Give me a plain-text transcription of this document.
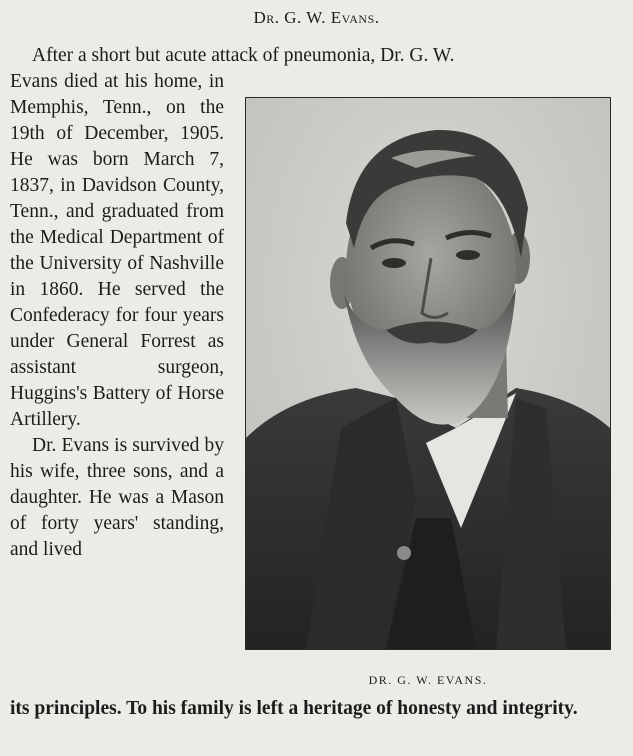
Dr. G. W. Evans.
After a short but acute attack of pneumonia, Dr. G. W.

Evans died at his home, in Memphis, Tenn., on the 19th of December, 1905. He was born March 7, 1837, in Davidson County, Tenn., and graduated from the Medical Department of the University of Nashville in 1860. He served the Confederacy for four years under General Forrest as assistant surgeon, Huggins's Battery of Horse Artillery.

Dr. Evans is survived by his wife, three sons, and a daughter. He was a Mason of forty years' standing, and lived

DR. G. W. EVANS.
its principles. To his family is left a heritage of honesty and integrity.
